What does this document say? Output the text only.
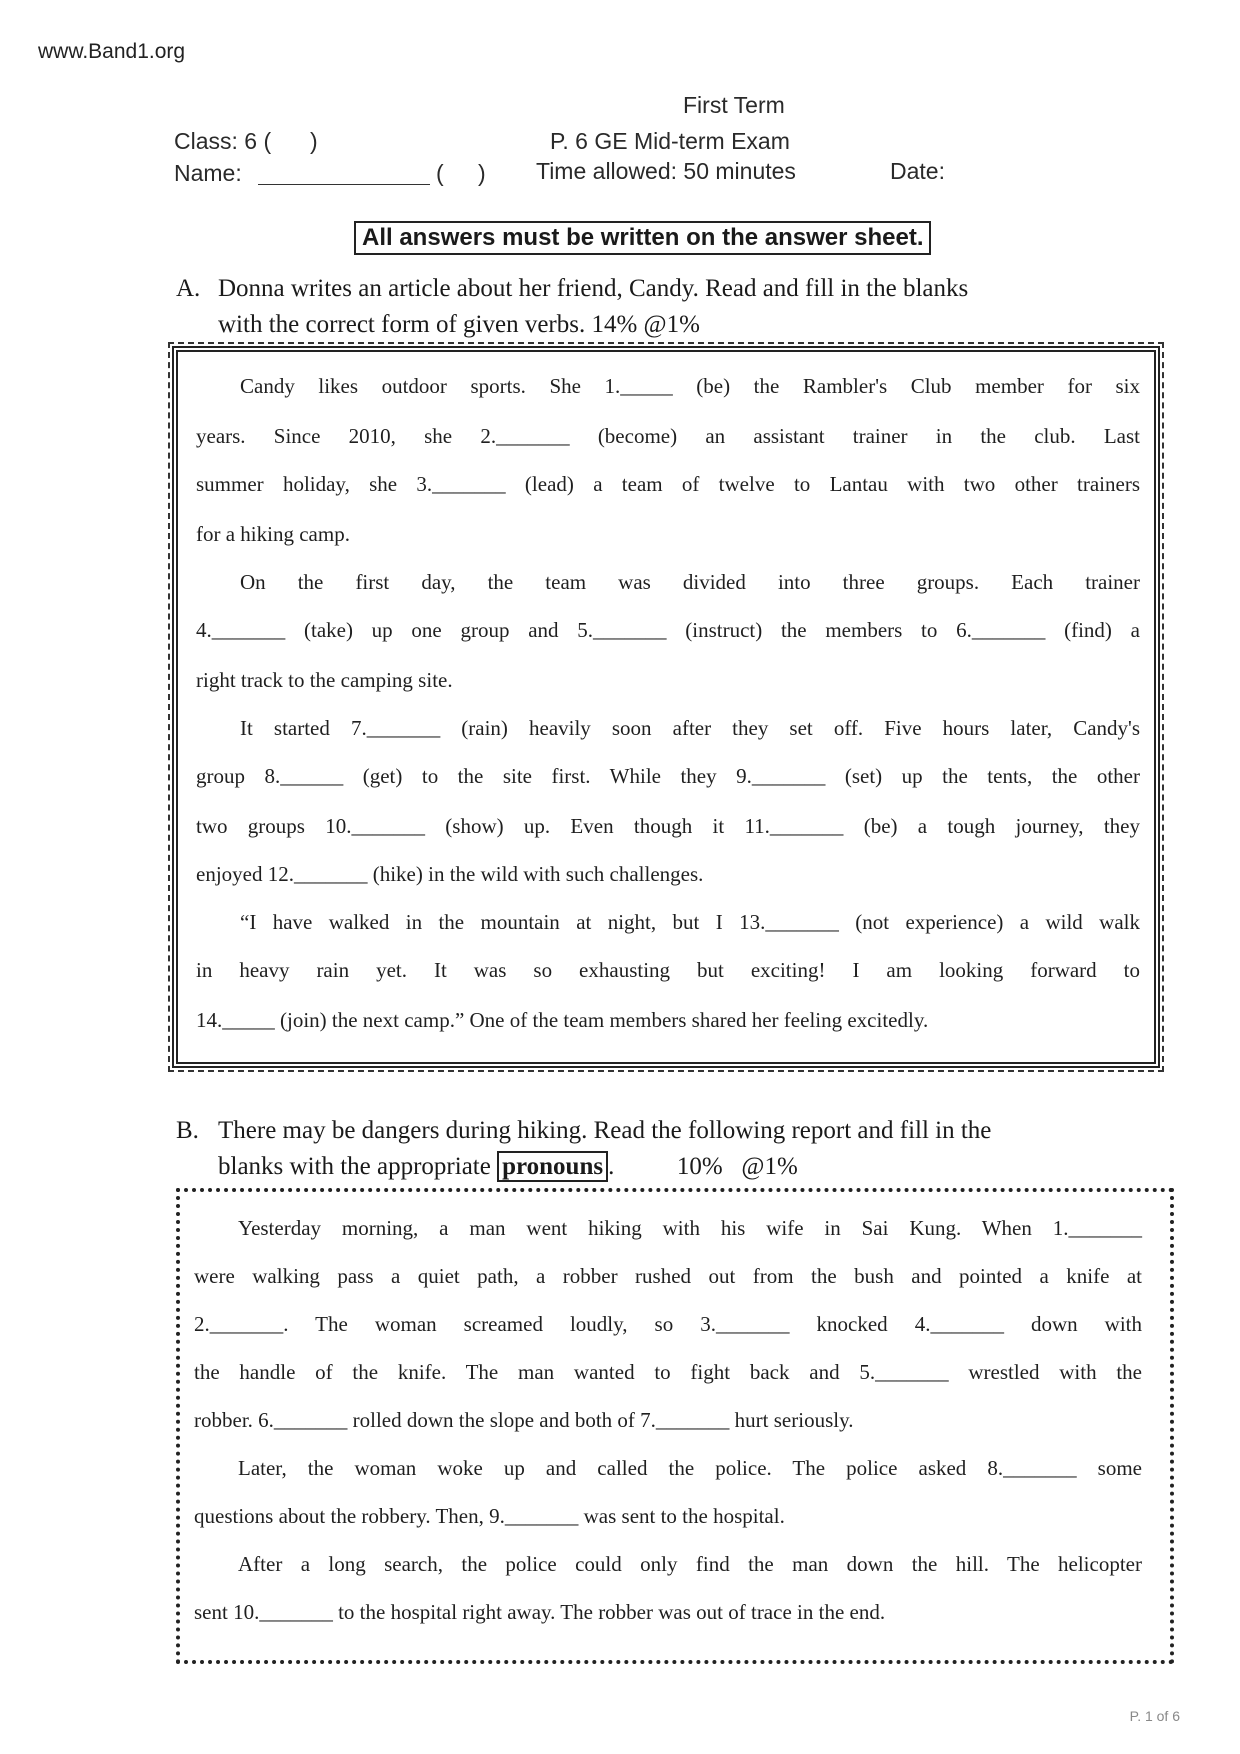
www.Band1.org
First Term
Class: 6 ( )	P. 6 GE Mid-term Exam
Name:	( ) Time allowed: 50 minutes	Date:
All answers must be written on the answer sheet.
A. Donna writes an article about her friend, Candy. Read and fill in the blanks
with the correct form of given verbs. 14% @1%
Candy likes outdoor sports. She 1._____ (be) the Rambler's Club member for six
years. Since 2010, she 2._______ (become) an assistant trainer in the club. Last
summer holiday, she 3._______ (lead) a team of twelve to Lantau with two other trainers
for a hiking camp.
On the first day, the team was divided into three groups. Each trainer
4._______ (take) up one group and 5._______ (instruct) the members to 6._______ (find) a
right track to the camping site.
It started 7._______ (rain) heavily soon after they set off. Five hours later, Candy's
group 8.______ (get) to the site first. While they 9._______ (set) up the tents, the other
two groups 10._______ (show) up. Even though it 11._______ (be) a tough journey, they
enjoyed 12._______ (hike) in the wild with such challenges.
“I have walked in the mountain at night, but I 13._______ (not experience) a wild walk
in heavy rain yet. It was so exhausting but exciting! I am looking forward to
14._____ (join) the next camp.” One of the team members shared her feeling excitedly.
B. There may be dangers during hiking. Read the following report and fill in the
blanks with the appropriate pronouns .          10%   @1%
Yesterday morning, a man went hiking with his wife in Sai Kung. When 1._______
were walking pass a quiet path, a robber rushed out from the bush and pointed a knife at
2._______. The woman screamed loudly, so 3._______ knocked 4._______ down with
the handle of the knife. The man wanted to fight back and 5._______ wrestled with the
robber. 6._______ rolled down the slope and both of 7._______ hurt seriously.
Later, the woman woke up and called the police. The police asked 8._______ some
questions about the robbery. Then, 9._______ was sent to the hospital.
After a long search, the police could only find the man down the hill. The helicopter
sent 10._______ to the hospital right away. The robber was out of trace in the end.
P. 1 of 6
